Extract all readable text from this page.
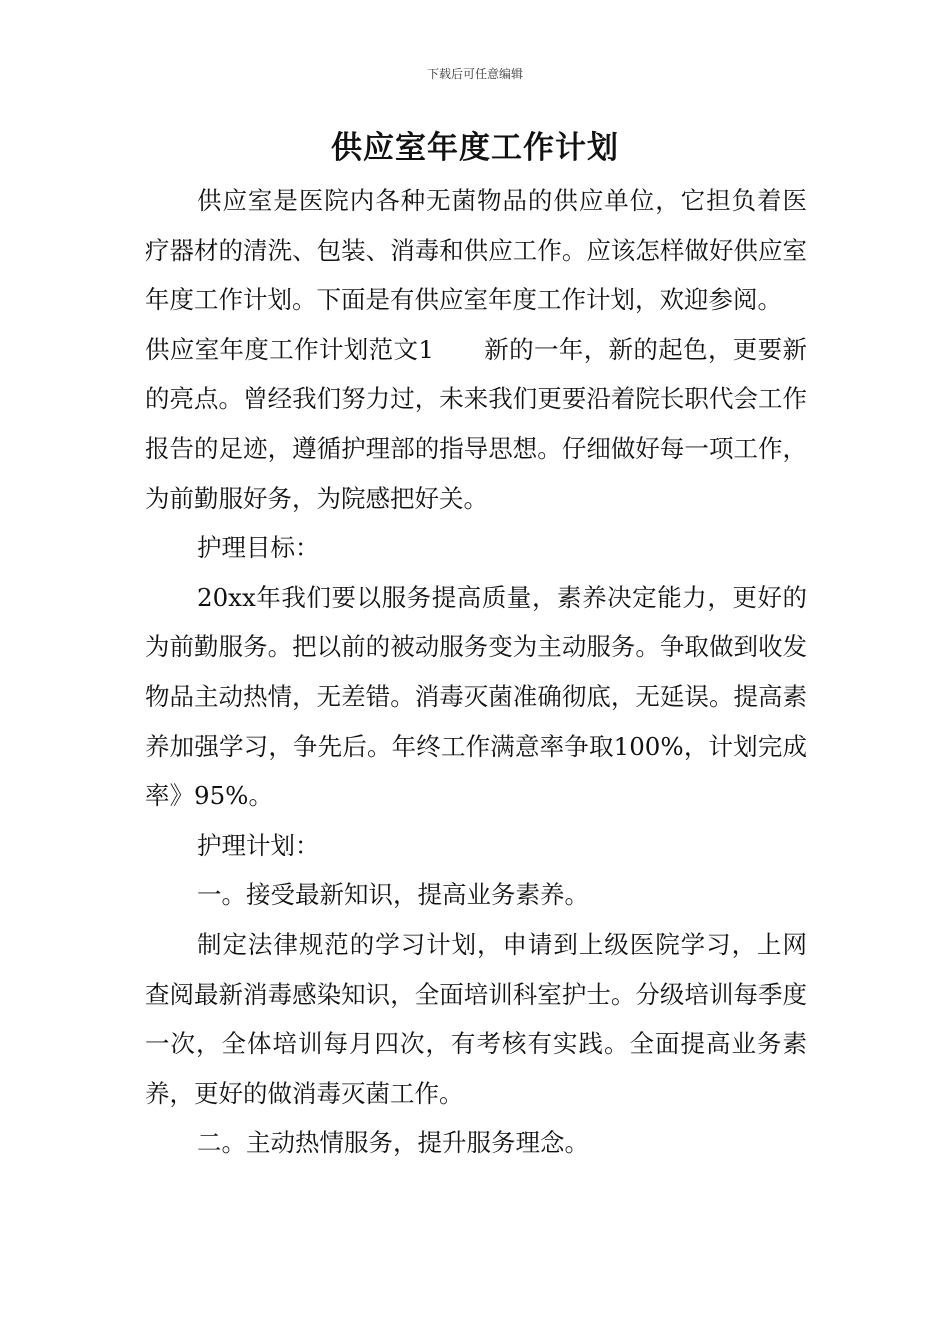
下载后可任意编辑
供应室年度工作计划

供应室是医院内各种无菌物品的供应单位，它担负着医疗器材的清洗、包装、消毒和供应工作。应该怎样做好供应室年度工作计划。下面是有供应室年度工作计划，欢迎参阅。

供应室年度工作计划范文1 新的一年，新的起色，更要新的亮点。曾经我们努力过，未来我们更要沿着院长职代会工作报告的足迹，遵循护理部的指导思想。仔细做好每一项工作，为前勤服好务，为院感把好关。

护理目标：

20xx年我们要以服务提高质量，素养决定能力，更好的为前勤服务。把以前的被动服务变为主动服务。争取做到收发物品主动热情，无差错。消毒灭菌准确彻底，无延误。提高素养加强学习，争先后。年终工作满意率争取100%，计划完成率》95%。

护理计划：

一。接受最新知识，提高业务素养。

制定法律规范的学习计划，申请到上级医院学习，上网查阅最新消毒感染知识，全面培训科室护士。分级培训每季度一次，全体培训每月四次，有考核有实践。全面提高业务素养，更好的做消毒灭菌工作。

二。主动热情服务，提升服务理念。
